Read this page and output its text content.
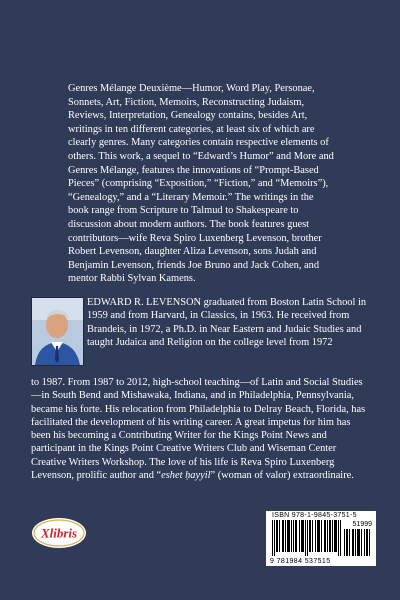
Genres Mélange Deuxième—Humor, Word Play, Personae, Sonnets, Art, Fiction, Memoirs, Reconstructing Judaism, Reviews, Interpretation, Genealogy contains, besides Art, writings in ten different categories, at least six of which are clearly genres. Many categories contain respective elements of others. This work, a sequel to “Edward’s Humor” and More and Genres Mélange, features the innovations of “Prompt-Based Pieces” (comprising “Exposition,” “Fiction,” and “Memoirs”), “Genealogy,” and a “Literary Memoir.” The writings in the book range from Scripture to Talmud to Shakespeare to discussion about modern authors. The book features guest contributors—wife Reva Spiro Luxenberg Levenson, brother Robert Levenson, daughter Aliza Levenson, sons Judah and Benjamin Levenson, friends Joe Bruno and Jack Cohen, and mentor Rabbi Sylvan Kamens.

EDWARD R. LEVENSON graduated from Boston Latin School in 1959 and from Harvard, in Classics, in 1963. He received from Brandeis, in 1972, a Ph.D. in Near Eastern and Judaic Studies and taught Judaica and Religion on the college level from 1972

to 1987. From 1987 to 2012, high-school teaching—of Latin and Social Studies—in South Bend and Mishawaka, Indiana, and in Philadelphia, Pennsylvania, became his forte. His relocation from Philadelphia to Delray Beach, Florida, has facilitated the development of his writing career. A great impetus for him has been his becoming a Contributing Writer for the Kings Point News and participant in the Kings Point Creative Writers Club and Wiseman Center Creative Writers Workshop. The love of his life is Reva Spiro Luxenberg Levenson, prolific author and “eshet ḥayyil” (woman of valor) extraordinaire.

Xlibris
ISBN 978-1-9845-3751-5
51999
9 781984 537515
